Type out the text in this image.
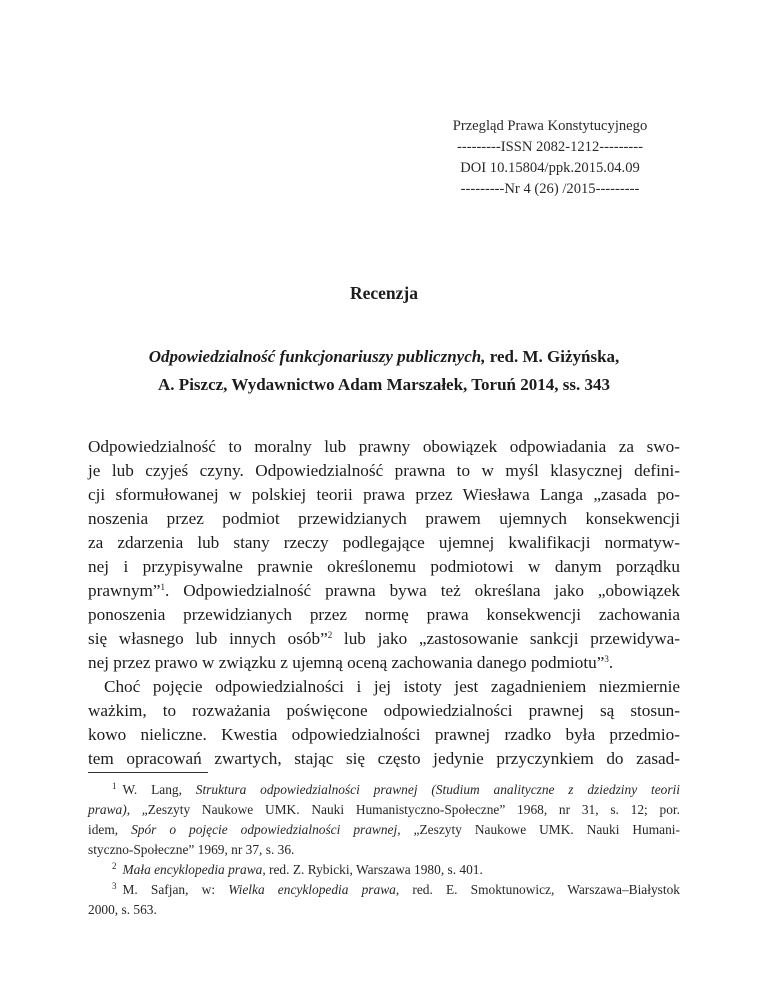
Przegląd Prawa Konstytucyjnego
---------ISSN 2082-1212---------
DOI 10.15804/ppk.2015.04.09
---------Nr 4 (26) /2015---------
Recenzja
Odpowiedzialność funkcjonariuszy publicznych, red. M. Giżyńska,
A. Piszcz, Wydawnictwo Adam Marszałek, Toruń 2014, ss. 343
Odpowiedzialność to moralny lub prawny obowiązek odpowiadania za swo-
je lub czyjeś czyny. Odpowiedzialność prawna to w myśl klasycznej defini-
cji sformułowanej w polskiej teorii prawa przez Wiesława Langa „zasada po-
noszenia przez podmiot przewidzianych prawem ujemnych konsekwencji
za zdarzenia lub stany rzeczy podlegające ujemnej kwalifikacji normatyw-
nej i przypisywalne prawnie określonemu podmiotowi w danym porządku
prawnym”$^1$. Odpowiedzialność prawna bywa też określana jako „obowiązek
ponoszenia przewidzianych przez normę prawa konsekwencji zachowania
się własnego lub innych osób”$^2$ lub jako „zastosowanie sankcji przewidywa-
nej przez prawo w związku z ujemną oceną zachowania danego podmiotu”$^3$.
Choć pojęcie odpowiedzialności i jej istoty jest zagadnieniem niezmiernie
ważkim, to rozważania poświęcone odpowiedzialności prawnej są stosun-
kowo nieliczne. Kwestia odpowiedzialności prawnej rzadko była przedmio-
tem opracowań zwartych, stając się często jedynie przyczynkiem do zasad-
$^1$ W. Lang, Struktura odpowiedzialności prawnej (Studium analityczne z dziedziny teorii
prawa), „Zeszyty Naukowe UMK. Nauki Humanistyczno-Społeczne” 1968, nr 31, s. 12; por.
idem, Spór o pojęcie odpowiedzialności prawnej, „Zeszyty Naukowe UMK. Nauki Humani-
styczno-Społeczne” 1969, nr 37, s. 36.
$^2$ Mała encyklopedia prawa, red. Z. Rybicki, Warszawa 1980, s. 401.
$^3$ M. Safjan, w: Wielka encyklopedia prawa, red. E. Smoktunowicz, Warszawa–Białystok
2000, s. 563.
